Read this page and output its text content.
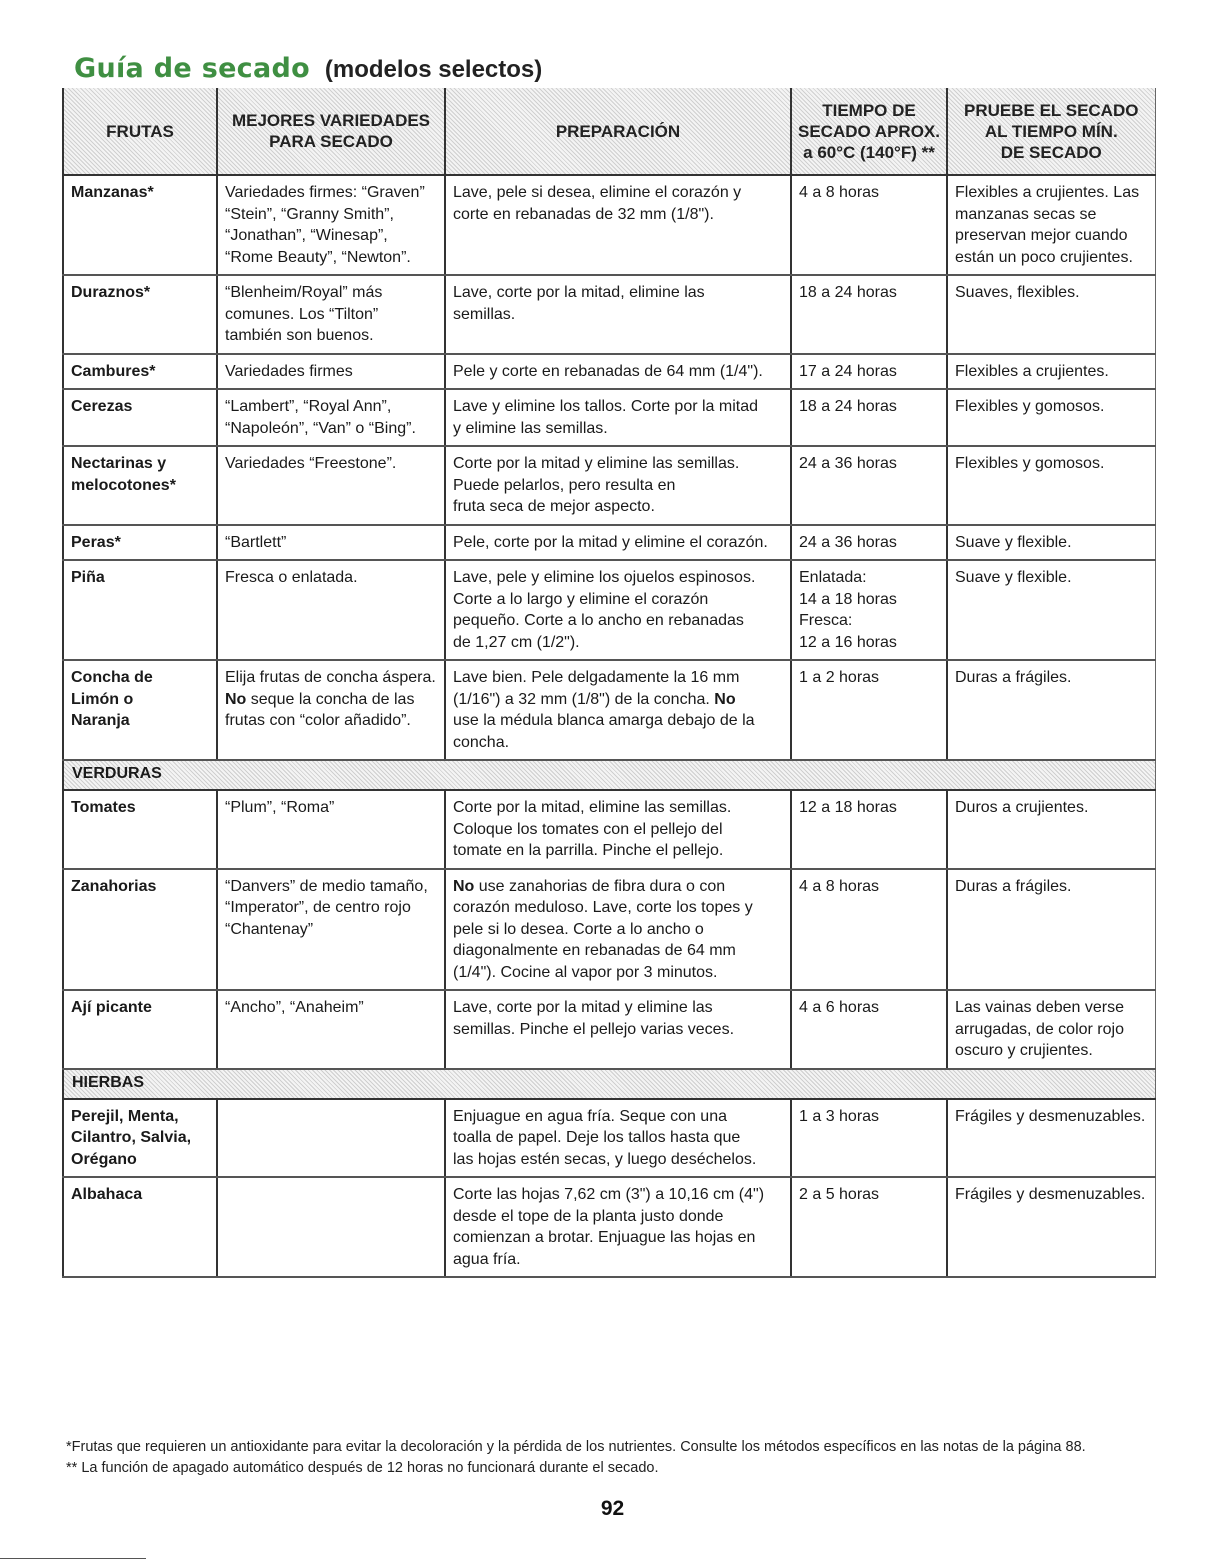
Guía de secado (modelos selectos)
FRUTAS	MEJORES VARIEDADES
PARA SECADO	PREPARACIÓN	TIEMPO DE
SECADO APROX.
a 60°C (140°F) **	PRUEBE EL SECADO
AL TIEMPO MÍN.
DE SECADO

Manzanas*	Variedades firmes: “Graven”
“Stein”, “Granny Smith”,
“Jonathan”, “Winesap”,
“Rome Beauty”, “Newton”.	Lave, pele si desea, elimine el corazón y
corte en rebanadas de 32 mm (1/8").	4 a 8 horas	Flexibles a crujientes. Las
manzanas secas se
preservan mejor cuando
están un poco crujientes.

Duraznos*	“Blenheim/Royal” más
comunes. Los “Tilton”
también son buenos.	Lave, corte por la mitad, elimine las
semillas.	18 a 24 horas	Suaves, flexibles.

Cambures*	Variedades firmes	Pele y corte en rebanadas de 64 mm (1/4").	17 a 24 horas	Flexibles a crujientes.

Cerezas	“Lambert”, “Royal Ann”,
“Napoleón”, “Van” o “Bing”.	Lave y elimine los tallos. Corte por la mitad
y elimine las semillas.	18 a 24 horas	Flexibles y gomosos.

Nectarinas y
melocotones*	Variedades “Freestone”.	Corte por la mitad y elimine las semillas.
Puede pelarlos, pero resulta en
fruta seca de mejor aspecto.	24 a 36 horas	Flexibles y gomosos.

Peras*	“Bartlett”	Pele, corte por la mitad y elimine el corazón.	24 a 36 horas	Suave y flexible.

Piña	Fresca o enlatada.	Lave, pele y elimine los ojuelos espinosos.
Corte a lo largo y elimine el corazón
pequeño. Corte a lo ancho en rebanadas
de 1,27 cm (1/2").	Enlatada:
14 a 18 horas
Fresca:
12 a 16 horas	Suave y flexible.

Concha de
Limón o
Naranja	Elija frutas de concha áspera.
No seque la concha de las
frutas con “color añadido”.	Lave bien. Pele delgadamente la 16 mm
(1/16") a 32 mm (1/8") de la concha. No
use la médula blanca amarga debajo de la
concha.	1 a 2 horas	Duras a frágiles.

VERDURAS				

Tomates	“Plum”, “Roma”	Corte por la mitad, elimine las semillas.
Coloque los tomates con el pellejo del
tomate en la parrilla. Pinche el pellejo.	12 a 18 horas	Duros a crujientes.

Zanahorias	“Danvers” de medio tamaño,
“Imperator”, de centro rojo
“Chantenay”	No use zanahorias de fibra dura o con
corazón meduloso. Lave, corte los topes y
pele si lo desea. Corte a lo ancho o
diagonalmente en rebanadas de 64 mm
(1/4"). Cocine al vapor por 3 minutos.	4 a 8 horas	Duras a frágiles.

Ají picante	“Ancho”, “Anaheim”	Lave, corte por la mitad y elimine las
semillas. Pinche el pellejo varias veces.	4 a 6 horas	Las vainas deben verse
arrugadas, de color rojo
oscuro y crujientes.

HIERBAS				

Perejil, Menta,
Cilantro, Salvia,
Orégano		Enjuague en agua fría. Seque con una
toalla de papel. Deje los tallos hasta que
las hojas estén secas, y luego deséchelos.	1 a 3 horas	Frágiles y desmenuzables.

Albahaca		Corte las hojas 7,62 cm (3") a 10,16 cm (4")
desde el tope de la planta justo donde
comienzan a brotar. Enjuague las hojas en
agua fría.	2 a 5 horas	Frágiles y desmenuzables.

*Frutas que requieren un antioxidante para evitar la decoloración y la pérdida de los nutrientes. Consulte los métodos específicos en las notas de la página 88.

** La función de apagado automático después de 12 horas no funcionará durante el secado.

92
